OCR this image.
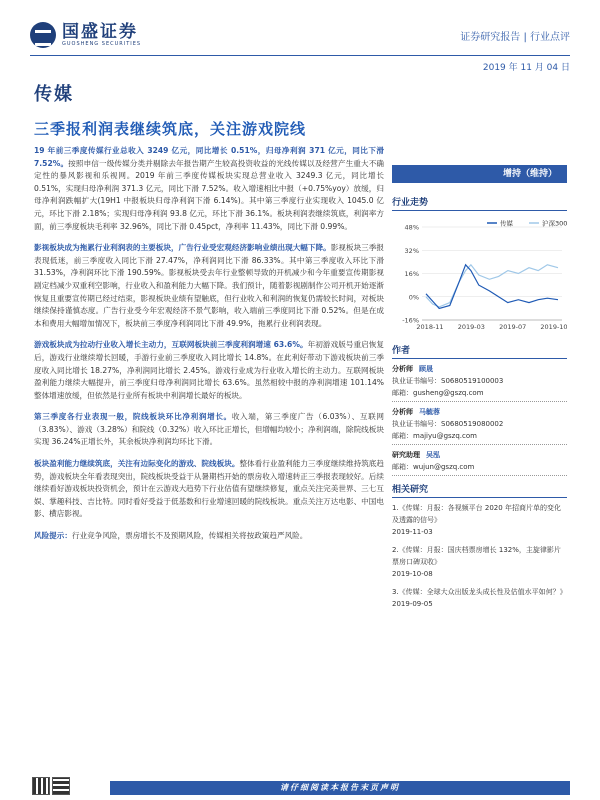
国盛证券
GUOSHENG SECURITIES
证券研究报告 | 行业点评
2019 年 11 月 04 日
传媒
三季报利润表继续筑底，关注游戏院线

19 年前三季度传媒行业总收入 3249 亿元，同比增长 0.51%，归母净利润 371 亿元，同比下滑 7.52%。按照申信一级传媒分类并剔除去年报告期产生较高投资收益的光线传媒以及经营产生重大不确定性的暴风影视和乐视网。2019 年前三季度传媒板块实现总营业收入 3249.3 亿元，同比增长 0.51%，实现归母净利润 371.3 亿元，同比下滑 7.52%。收入增速相比中报（+0.75%yoy）放缓，归母净利润跌幅扩大(19H1 中报板块归母净利润下滑 6.14%)。其中第三季度行业实现收入 1045.0 亿元，环比下滑 2.18%；实现归母净利润 93.8 亿元，环比下滑 36.1%。板块利润表继续筑底，利润率方面，前三季度板块毛利率 32.96%，同比下滑 0.45pct，净利率 11.43%，同比下滑 0.99%。

影视板块成为拖累行业利润表的主要板块，广告行业受宏观经济影响业绩出现大幅下降。影视板块三季报表现低迷，前三季度收入同比下滑 27.47%，净利润同比下滑 86.33%。其中第三季度收入环比下滑 31.53%，净利润环比下滑 190.59%。影视板块受去年行业整顿导致的开机减少和今年重要宣传期影视剧定档减少双重利空影响，行业收入和盈利能力大幅下降。我们预计，随着影视剧制作公司开机开始逐渐恢复且重要宣传期已经过结束，影视板块业绩有望触底，但行业收入和利润的恢复仍需较长时间，对板块继续保持谨慎态度。广告行业受今年宏观经济不景气影响，收入端前三季度同比下滑 0.52%。但是在成本和费用大幅增加情况下，板块前三季度净利润同比下滑 49.9%，拖累行业利润表现。

游戏板块成为拉动行业收入增长主动力，互联网板块前三季度利润增速 63.6%。年初游戏版号重启恢复后，游戏行业继续增长回暖，手游行业前三季度收入同比增长 14.8%。在此利好带动下游戏板块前三季度收入同比增长 18.27%，净利润同比增长 2.45%。游戏行业成为行业收入增长的主动力。互联网板块盈利能力继续大幅提升，前三季度归母净利润同比增长 63.6%。虽然相较中报的净利润增速 101.14%整体增速放缓，但依然是行业所有板块中利润增长最好的板块。

第三季度各行业表现一般，院线板块环比净利润增长。收入端，第三季度广告（6.03%）、互联网（3.83%）、游戏（3.28%）和院线（0.32%）收入环比正增长，但增幅均较小；净利润端，除院线板块实现 36.24%正增长外，其余板块净利润均环比下滑。

板块盈利能力继续筑底，关注有边际变化的游戏、院线板块。整体看行业盈利能力三季度继续维持筑底趋势，游戏板块全年看表现突出，院线板块受益于从暑期档开始的票房收入增速转正三季报表现较好。后续继续看好游戏板块投资机会，预计在云游戏大趋势下行业估值有望继续修复，重点关注完美世界、三七互娱、掌趣科技、吉比特。同时看好受益于低基数和行业增速回暖的院线板块。重点关注万达电影、中国电影、横店影视。

风险提示：行业竞争风险，票房增长不及预期风险，传媒相关将按政策趋严风险。

增持（维持）
行业走势
48%
32%
16%
0%
-16%
2018-11 2019-03 2019-07 2019-10
传媒	沪深300
作者
分析师 顾晟
执业证书编号：S0680519100003
邮箱：gusheng@gszq.com
分析师 马毓蓉
执业证书编号：S0680519080002
邮箱：majiyu@gszq.com
研究助理 吴泓
邮箱：wujun@gszq.com
相关研究
1.《传媒：月报：各视频平台 2020 年招商片单的变化及透露的信号》
2019-11-03
2.《传媒：月报：国庆档票房增长 132%，主旋律影片票房口碑双收》
2019-10-08
3.《传媒：全球大众出版龙头成长性及估值水平如何？》
2019-09-05
请仔细阅读本报告末页声明
